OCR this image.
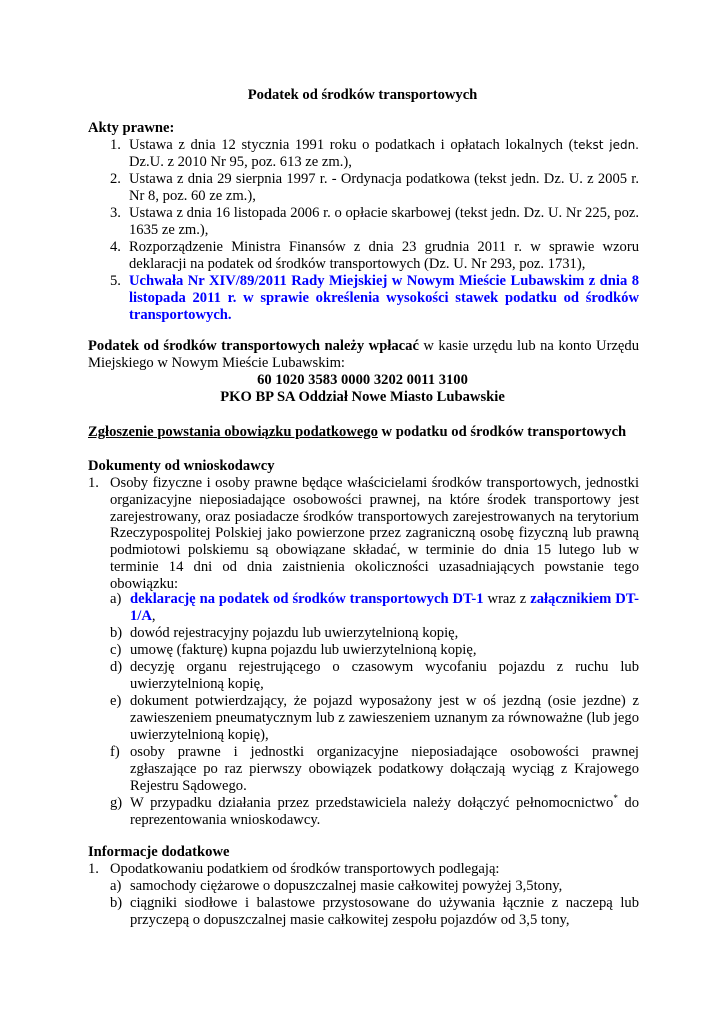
Podatek od środków transportowych
Akty prawne:
1. Ustawa z dnia 12 stycznia 1991 roku o podatkach i opłatach lokalnych (tekst jedn. Dz.U. z 2010 Nr 95, poz. 613 ze zm.),
2. Ustawa z dnia 29 sierpnia 1997 r. - Ordynacja podatkowa (tekst jedn. Dz. U. z 2005 r. Nr 8, poz. 60 ze zm.),
3. Ustawa z dnia 16 listopada 2006 r. o opłacie skarbowej (tekst jedn. Dz. U. Nr 225, poz. 1635 ze zm.),
4. Rozporządzenie Ministra Finansów z dnia 23 grudnia 2011 r. w sprawie wzoru deklaracji na podatek od środków transportowych (Dz. U. Nr 293, poz. 1731),
5. Uchwała Nr XIV/89/2011 Rady Miejskiej w Nowym Mieście Lubawskim z dnia 8 listopada 2011 r. w sprawie określenia wysokości stawek podatku od środków transportowych.
Podatek od środków transportowych należy wpłacać w kasie urzędu lub na konto Urzędu Miejskiego w Nowym Mieście Lubawskim:
60 1020 3583 0000 3202 0011 3100
PKO BP SA Oddział Nowe Miasto Lubawskie
Zgłoszenie powstania obowiązku podatkowego w podatku od środków transportowych
Dokumenty od wnioskodawcy
1. Osoby fizyczne i osoby prawne będące właścicielami środków transportowych, jednostki organizacyjne nieposiadające osobowości prawnej, na które środek transportowy jest zarejestrowany, oraz posiadacze środków transportowych zarejestrowanych na terytorium Rzeczypospolitej Polskiej jako powierzone przez zagraniczną osobę fizyczną lub prawną podmiotowi polskiemu są obowiązane składać, w terminie do dnia 15 lutego lub w terminie 14 dni od dnia zaistnienia okoliczności uzasadniających powstanie tego obowiązku:
a) deklarację na podatek od środków transportowych DT-1 wraz z załącznikiem DT-1/A,
b) dowód rejestracyjny pojazdu lub uwierzytelnioną kopię,
c) umowę (fakturę) kupna pojazdu lub uwierzytelnioną kopię,
d) decyzję organu rejestrującego o czasowym wycofaniu pojazdu z ruchu lub uwierzytelnioną kopię,
e) dokument potwierdzający, że pojazd wyposażony jest w oś jezdną (osie jezdne) z zawieszeniem pneumatycznym lub z zawieszeniem uznanym za równoważne (lub jego uwierzytelnioną kopię),
f) osoby prawne i jednostki organizacyjne nieposiadające osobowości prawnej zgłaszające po raz pierwszy obowiązek podatkowy dołączają wyciąg z Krajowego Rejestru Sądowego.
g) W przypadku działania przez przedstawiciela należy dołączyć pełnomocnictwo* do reprezentowania wnioskodawcy.
Informacje dodatkowe
1. Opodatkowaniu podatkiem od środków transportowych podlegają:
a) samochody ciężarowe o dopuszczalnej masie całkowitej powyżej 3,5tony,
b) ciągniki siodłowe i balastowe przystosowane do używania łącznie z naczepą lub przyczepą o dopuszczalnej masie całkowitej zespołu pojazdów od 3,5 tony,
